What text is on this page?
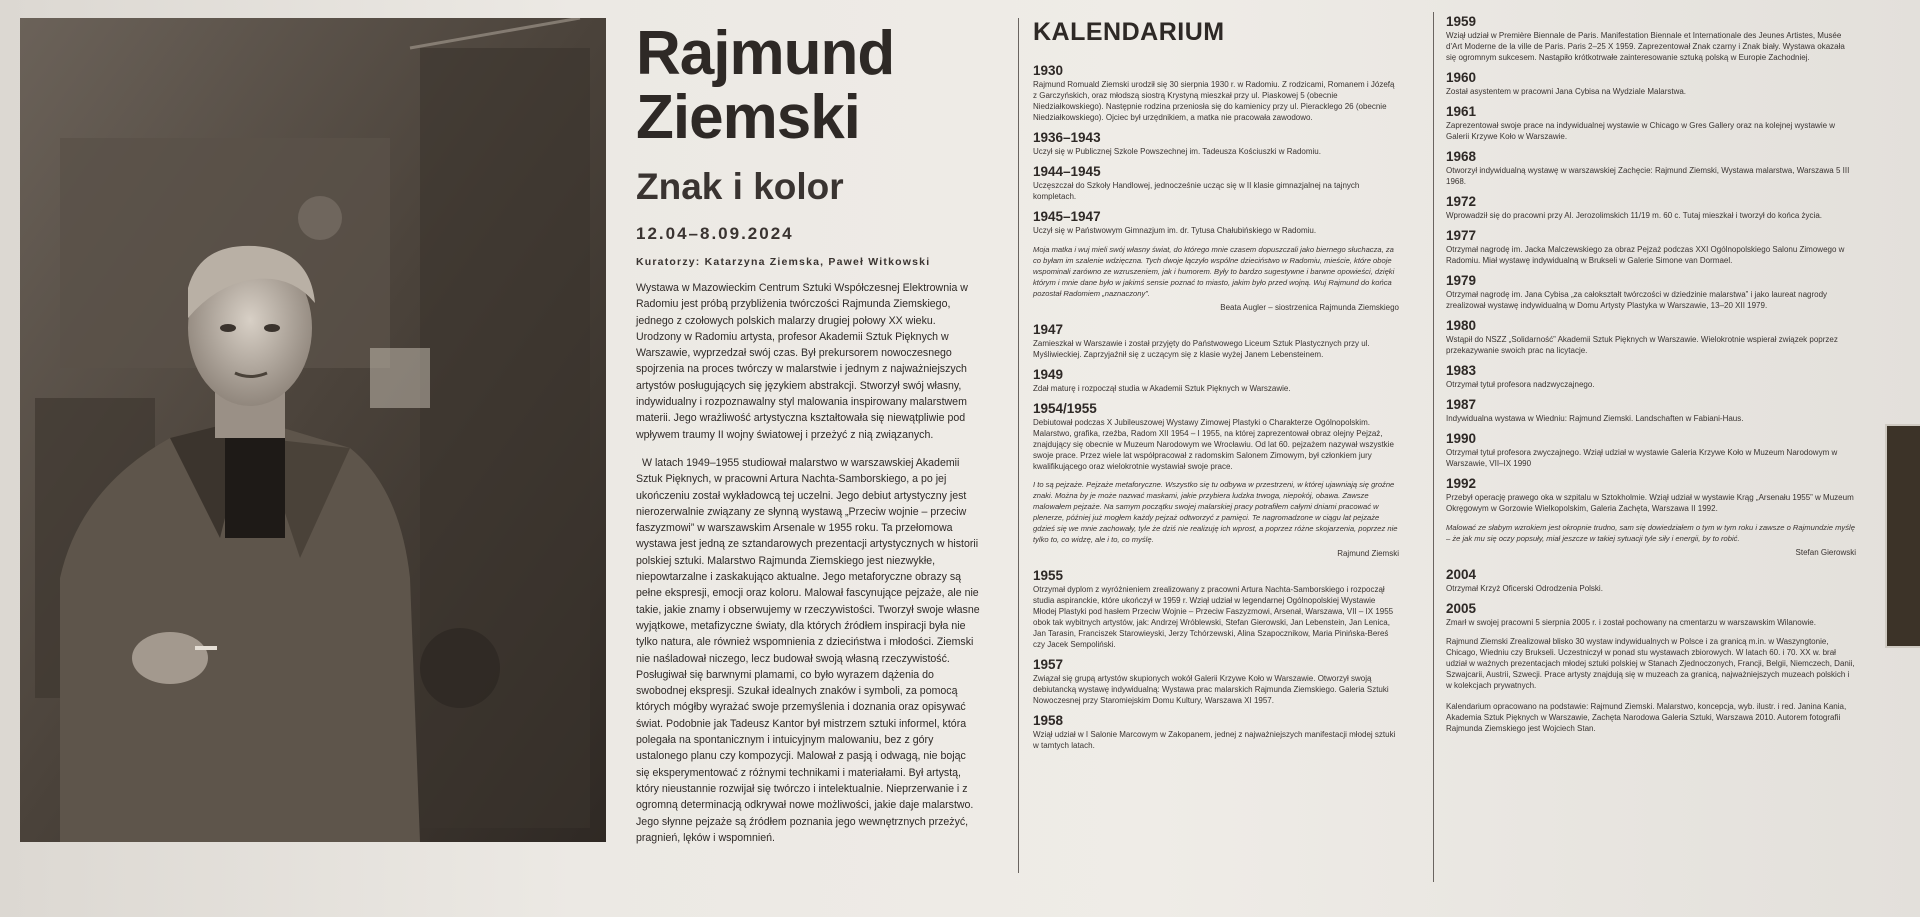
Rajmund
Ziemski
Znak i kolor
12.04–8.09.2024
Kuratorzy: Katarzyna Ziemska, Paweł Witkowski

Wystawa w Mazowieckim Centrum Sztuki Współczesnej Elektrownia w Radomiu jest próbą przybliżenia twórczości Rajmunda Ziemskiego, jednego z czołowych polskich malarzy drugiej połowy XX wieku. Urodzony w Radomiu artysta, profesor Akademii Sztuk Pięknych w Warszawie, wyprzedzał swój czas. Był prekursorem nowoczesnego spojrzenia na proces twórczy w malarstwie i jednym z najważniejszych artystów posługujących się językiem abstrakcji. Stworzył swój własny, indywidualny i rozpoznawalny styl malowania inspirowany malarstwem materii. Jego wrażliwość artystyczna kształtowała się niewątpliwie pod wpływem traumy II wojny światowej i przeżyć z nią związanych.

W latach 1949–1955 studiował malarstwo w warszawskiej Akademii Sztuk Pięknych, w pracowni Artura Nachta-Samborskiego, a po jej ukończeniu został wykładowcą tej uczelni. Jego debiut artystyczny jest nierozerwalnie związany ze słynną wystawą „Przeciw wojnie – przeciw faszyzmowi” w warszawskim Arsenale w 1955 roku. Ta przełomowa wystawa jest jedną ze sztandarowych prezentacji artystycznych w historii polskiej sztuki. Malarstwo Rajmunda Ziemskiego jest niezwykłe, niepowtarzalne i zaskakująco aktualne. Jego metaforyczne obrazy są pełne ekspresji, emocji oraz koloru. Malował fascynujące pejzaże, ale nie takie, jakie znamy i obserwujemy w rzeczywistości. Tworzył swoje własne wyjątkowe, metafizyczne światy, dla których źródłem inspiracji była nie tylko natura, ale również wspomnienia z dzieciństwa i młodości. Ziemski nie naśladował niczego, lecz budował swoją własną rzeczywistość. Posługiwał się barwnymi plamami, co było wyrazem dążenia do swobodnej ekspresji. Szukał idealnych znaków i symboli, za pomocą których mógłby wyrażać swoje przemyślenia i doznania oraz opisywać świat. Podobnie jak Tadeusz Kantor był mistrzem sztuki informel, która polegała na spontanicznym i intuicyjnym malowaniu, bez z góry ustalonego planu czy kompozycji. Malował z pasją i odwagą, nie bojąc się eksperymentować z różnymi technikami i materiałami. Był artystą, który nieustannie rozwijał się twórczo i intelektualnie. Nieprzerwanie i z ogromną determinacją odkrywał nowe możliwości, jakie daje malarstwo. Jego słynne pejzaże są źródłem poznania jego wewnętrznych przeżyć, pragnień, lęków i wspomnień.

KALENDARIUM
1930
Rajmund Romuald Ziemski urodził się 30 sierpnia 1930 r. w Radomiu. Z rodzicami, Romanem i Józefą z Garczyńskich, oraz młodszą siostrą Krystyną mieszkał przy ul. Piaskowej 5 (obecnie Niedziałkowskiego). Następnie rodzina przeniosła się do kamienicy przy ul. Pieracklego 26 (obecnie Niedziałkowskiego). Ojciec był urzędnikiem, a matka nie pracowała zawodowo.
1936–1943
Uczył się w Publicznej Szkole Powszechnej im. Tadeusza Kościuszki w Radomiu.
1944–1945
Uczęszczał do Szkoły Handlowej, jednocześnie ucząc się w II klasie gimnazjalnej na tajnych kompletach.
1945–1947
Uczył się w Państwowym Gimnazjum im. dr. Tytusa Chałubińskiego w Radomiu.
Moja matka i wuj mieli swój własny świat, do którego mnie czasem dopuszczali jako biernego słuchacza, za co byłam im szalenie wdzięczna. Tych dwoje łączyło wspólne dzieciństwo w Radomiu, mieście, które oboje wspominali zarówno ze wzruszeniem, jak i humorem. Były to bardzo sugestywne i barwne opowieści, dzięki którym i mnie dane było w jakimś sensie poznać to miasto, jakim było przed wojną. Wuj Rajmund do końca pozostał Radomiem „naznaczony”.
Beata Augler – siostrzenica Rajmunda Ziemskiego
1947
Zamieszkał w Warszawie i został przyjęty do Państwowego Liceum Sztuk Plastycznych przy ul. Myśliwieckiej. Zaprzyjaźnił się z uczącym się z klasie wyżej Janem Lebensteinem.
1949
Zdał maturę i rozpoczął studia w Akademii Sztuk Pięknych w Warszawie.
1954/1955
Debiutował podczas X Jubileuszowej Wystawy Zimowej Plastyki o Charakterze Ogólnopolskim. Malarstwo, grafika, rzeźba, Radom XII 1954 – I 1955, na której zaprezentował obraz olejny Pejzaż, znajdujący się obecnie w Muzeum Narodowym we Wrocławiu. Od lat 60. pejzażem nazywał wszystkie swoje prace. Przez wiele lat współpracował z radomskim Salonem Zimowym, był członkiem jury kwalifikującego oraz wielokrotnie wystawiał swoje prace.
I to są pejzaże. Pejzaże metaforyczne. Wszystko się tu odbywa w przestrzeni, w której ujawniają się groźne znaki. Można by je może nazwać maskami, jakie przybiera ludzka trwoga, niepokój, obawa. Zawsze malowałem pejzaże. Na samym początku swojej malarskiej pracy potrafiłem całymi dniami pracować w plenerze, później już mogłem każdy pejzaż odtworzyć z pamięci. Te nagromadzone w ciągu lat pejzaże gdzieś się we mnie zachowały, tyle że dziś nie realizuję ich wprost, a poprzez różne skojarzenia, poprzez nie tylko to, co widzę, ale i to, co myślę.
Rajmund Ziemski
1955
Otrzymał dyplom z wyróżnieniem zrealizowany z pracowni Artura Nachta-Samborskiego i rozpoczął studia aspiranckie, które ukończył w 1959 r. Wziął udział w legendarnej Ogólnopolskiej Wystawie Młodej Plastyki pod hasłem Przeciw Wojnie – Przeciw Faszyzmowi, Arsenał, Warszawa, VII – IX 1955 obok tak wybitnych artystów, jak: Andrzej Wróblewski, Stefan Gierowski, Jan Lebenstein, Jan Lenica, Jan Tarasin, Franciszek Starowieyski, Jerzy Tchórzewski, Alina Szapocznikow, Maria Pinińska-Bereś czy Jacek Sempoliński.
1957
Związał się grupą artystów skupionych wokół Galerii Krzywe Koło w Warszawie. Otworzył swoją debiutancką wystawę indywidualną: Wystawa prac malarskich Rajmunda Ziemskiego. Galeria Sztuki Nowoczesnej przy Staromiejskim Domu Kultury, Warszawa XI 1957.
1958
Wziął udział w I Salonie Marcowym w Zakopanem, jednej z najważniejszych manifestacji młodej sztuki w tamtych latach.
1959
Wziął udział w Première Biennale de Paris. Manifestation Biennale et Internationale des Jeunes Artistes, Musée d'Art Moderne de la ville de Paris. Paris 2–25 X 1959. Zaprezentował Znak czarny i Znak biały. Wystawa okazała się ogromnym sukcesem. Nastąpiło krótkotrwałe zainteresowanie sztuką polską w Europie Zachodniej.
1960
Został asystentem w pracowni Jana Cybisa na Wydziale Malarstwa.
1961
Zaprezentował swoje prace na indywidualnej wystawie w Chicago w Gres Gallery oraz na kolejnej wystawie w Galerii Krzywe Koło w Warszawie.
1968
Otworzył indywidualną wystawę w warszawskiej Zachęcie: Rajmund Ziemski, Wystawa malarstwa, Warszawa 5 III 1968.
1972
Wprowadził się do pracowni przy Al. Jerozolimskich 11/19 m. 60 c. Tutaj mieszkał i tworzył do końca życia.
1977
Otrzymał nagrodę im. Jacka Malczewskiego za obraz Pejzaż podczas XXI Ogólnopolskiego Salonu Zimowego w Radomiu. Miał wystawę indywidualną w Brukseli w Galerie Simone van Dormael.
1979
Otrzymał nagrodę im. Jana Cybisa „za całokształt twórczości w dziedzinie malarstwa” i jako laureat nagrody zrealizował wystawę indywidualną w Domu Artysty Plastyka w Warszawie, 13–20 XII 1979.
1980
Wstąpił do NSZZ „Solidarność” Akademii Sztuk Pięknych w Warszawie. Wielokrotnie wspierał związek poprzez przekazywanie swoich prac na licytacje.
1983
Otrzymał tytuł profesora nadzwyczajnego.
1987
Indywidualna wystawa w Wiedniu: Rajmund Ziemski. Landschaften w Fabiani-Haus.
1990
Otrzymał tytuł profesora zwyczajnego. Wziął udział w wystawie Galeria Krzywe Koło w Muzeum Narodowym w Warszawie, VII–IX 1990
1992
Przebył operację prawego oka w szpitalu w Sztokholmie. Wziął udział w wystawie Krąg „Arsenału 1955” w Muzeum Okręgowym w Gorzowie Wielkopolskim, Galeria Zachęta, Warszawa II 1992.
Malować ze słabym wzrokiem jest okropnie trudno, sam się dowiedziałem o tym w tym roku i zawsze o Rajmundzie myślę – że jak mu się oczy popsuły, miał jeszcze w takiej sytuacji tyle siły i energii, by to robić.
Stefan Gierowski
2004
Otrzymał Krzyż Oficerski Odrodzenia Polski.
2005
Zmarł w swojej pracowni 5 sierpnia 2005 r. i został pochowany na cmentarzu w warszawskim Wilanowie.
Rajmund Ziemski Zrealizował blisko 30 wystaw indywidualnych w Polsce i za granicą m.in. w Waszyngtonie, Chicago, Wiedniu czy Brukseli. Uczestniczył w ponad stu wystawach zbiorowych. W latach 60. i 70. XX w. brał udział w ważnych prezentacjach młodej sztuki polskiej w Stanach Zjednoczonych, Francji, Belgii, Niemczech, Danii, Szwajcarii, Austrii, Szwecji. Prace artysty znajdują się w muzeach za granicą, najważniejszych muzeach polskich i w kolekcjach prywatnych.
Kalendarium opracowano na podstawie: Rajmund Ziemski. Malarstwo, koncepcja, wyb. ilustr. i red. Janina Kania, Akademia Sztuk Pięknych w Warszawie, Zachęta Narodowa Galeria Sztuki, Warszawa 2010. Autorem fotografii Rajmunda Ziemskiego jest Wojciech Stan.
